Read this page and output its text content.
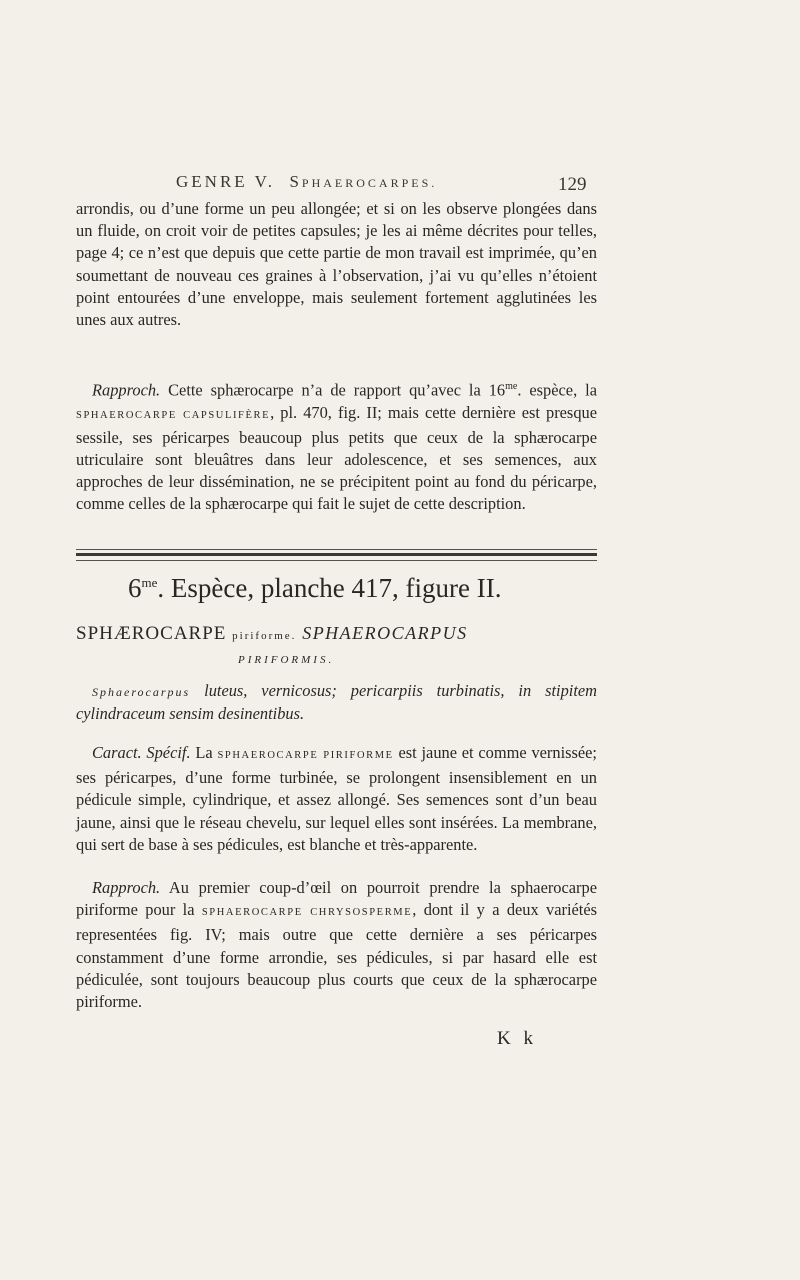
GENRE V. SPHAEROCARPES.	129

arrondis, ou d’une forme un peu allongée; et si on les observe plongées dans un fluide, on croit voir de petites capsules; je les ai même décrites pour telles, page 4; ce n’est que depuis que cette partie de mon travail est imprimée, qu’en soumettant de nouveau ces graines à l’observation, j’ai vu qu’elles n’étoient point entourées d’une enveloppe, mais seulement fortement agglutinées les unes aux autres.

Rapproch. Cette sphærocarpe n’a de rapport qu’avec la $16^{me}$. espèce, la SPHAEROCARPE CAPSULIFÈRE, pl. 470, fig. II; mais cette dernière est presque sessile, ses péricarpes beaucoup plus petits que ceux de la sphærocarpe utriculaire sont bleuâtres dans leur adolescence, et ses semences, aux approches de leur dissémination, ne se précipitent point au fond du péricarpe, comme celles de la sphærocarpe qui fait le sujet de cette description.

$6^{me}$. Espèce, planche 417, figure II.
SPHÆROCARPE piriforme. SPHAEROCARPUS
PIRIFORMIS.

Sphaerocarpus luteus, vernicosus; pericarpiis turbinatis, in stipitem cylindraceum sensim desinentibus.

Caract. Spécif. La SPHAEROCARPE PIRIFORME est jaune et comme vernissée; ses péricarpes, d’une forme turbinée, se prolongent insensiblement en un pédicule simple, cylindrique, et assez allongé. Ses semences sont d’un beau jaune, ainsi que le réseau chevelu, sur lequel elles sont insérées. La membrane, qui sert de base à ses pédicules, est blanche et très-apparente.

Rapproch. Au premier coup-d’œil on pourroit prendre la sphaerocarpe piriforme pour la SPHAEROCARPE CHRYSOSPERME, dont il y a deux variétés representées fig. IV; mais outre que cette dernière a ses péricarpes constamment d’une forme arrondie, ses pédicules, si par hasard elle est pédiculée, sont toujours beaucoup plus courts que ceux de la sphærocarpe piriforme.

K k
